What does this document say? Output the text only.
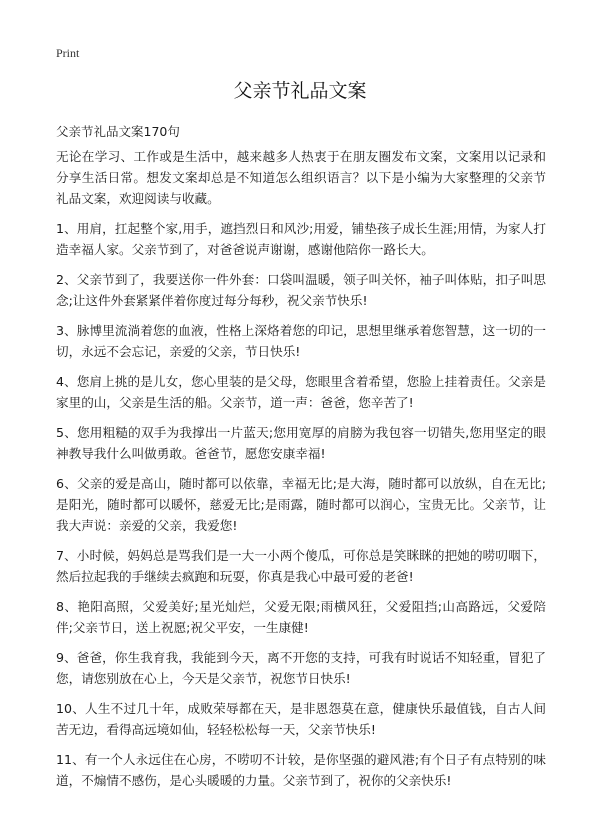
Print
父亲节礼品文案

父亲节礼品文案170句

无论在学习、工作或是生活中，越来越多人热衷于在朋友圈发布文案，文案用以记录和分享生活日常。想发文案却总是不知道怎么组织语言？以下是小编为大家整理的父亲节礼品文案，欢迎阅读与收藏。

1、用肩，扛起整个家,用手，遮挡烈日和风沙;用爱，铺垫孩子成长生涯;用情，为家人打造幸福人家。父亲节到了，对爸爸说声谢谢，感谢他陪你一路长大。

2、父亲节到了，我要送你一件外套：口袋叫温暖，领子叫关怀，袖子叫体贴，扣子叫思念;让这件外套紧紧伴着你度过每分每秒，祝父亲节快乐!

3、脉博里流淌着您的血液，性格上深烙着您的印记，思想里继承着您智慧，这一切的一切，永远不会忘记，亲爱的父亲，节日快乐!

4、您肩上挑的是儿女，您心里装的是父母，您眼里含着希望，您脸上挂着责任。父亲是家里的山，父亲是生活的船。父亲节，道一声：爸爸，您辛苦了!

5、您用粗糙的双手为我撑出一片蓝天;您用宽厚的肩膀为我包容一切错失,您用坚定的眼神教导我什么叫做勇敢。爸爸节，愿您安康幸福!

6、父亲的爱是高山，随时都可以依靠，幸福无比;是大海，随时都可以放纵，自在无比;是阳光，随时都可以暖怀，慈爱无比;是雨露，随时都可以润心，宝贵无比。父亲节，让我大声说：亲爱的父亲，我爱您!

7、小时候，妈妈总是骂我们是一大一小两个傻瓜，可你总是笑眯眯的把她的唠叨咽下，然后拉起我的手继续去疯跑和玩耍，你真是我心中最可爱的老爸!

8、艳阳高照，父爱美好;星光灿烂，父爱无限;雨横风狂，父爱阻挡;山高路远，父爱陪伴;父亲节日，送上祝愿;祝父平安，一生康健!

9、爸爸，你生我育我，我能到今天，离不开您的支持，可我有时说话不知轻重，冒犯了您，请您别放在心上，今天是父亲节，祝您节日快乐!

10、人生不过几十年，成败荣辱都在天，是非恩怨莫在意，健康快乐最值钱，自古人间苦无边，看得高远境如仙，轻轻松松每一天，父亲节快乐!

11、有一个人永远住在心房，不唠叨不计较，是你坚强的避风港;有个日子有点特别的味道，不煽情不感伤，是心头暖暖的力量。父亲节到了，祝你的父亲快乐!
